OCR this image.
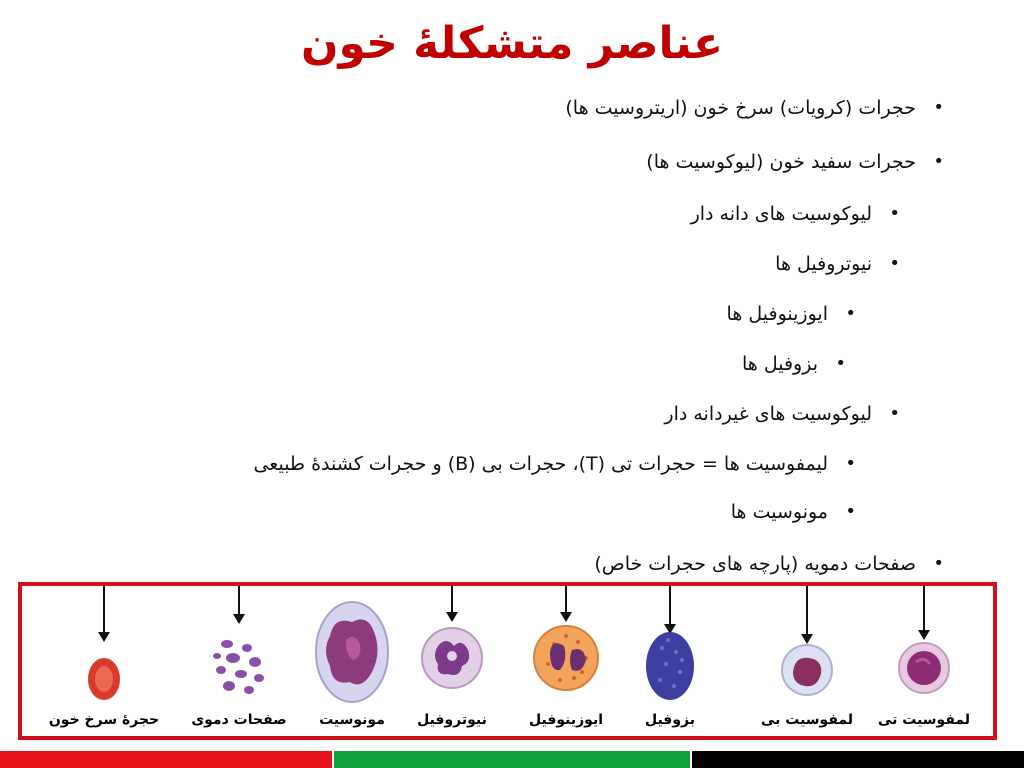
عناصر متشکلۀ خون
• حجرات (کرویات) سرخ خون (اریتروسیت ها)
• حجرات سفید خون (لیوکوسیت ها)
• لیوکوسیت های دانه دار
• نیوتروفیل ها
• ایوزینوفیل ها
• بزوفیل ها
• لیوکوسیت های غیردانه دار
• لیمفوسیت ها = حجرات تی (T)، حجرات بی (B) و حجرات کشندۀ طبیعی
• مونوسیت ها
• صفحات دمویه (پارچه های حجرات خاص)
حجرۀ سرخ خون	صفحات دموی	مونوسیت	نیوتروفیل	ایوزینوفیل	بزوفیل	لمفوسیت بی	لمفوسیت تی
